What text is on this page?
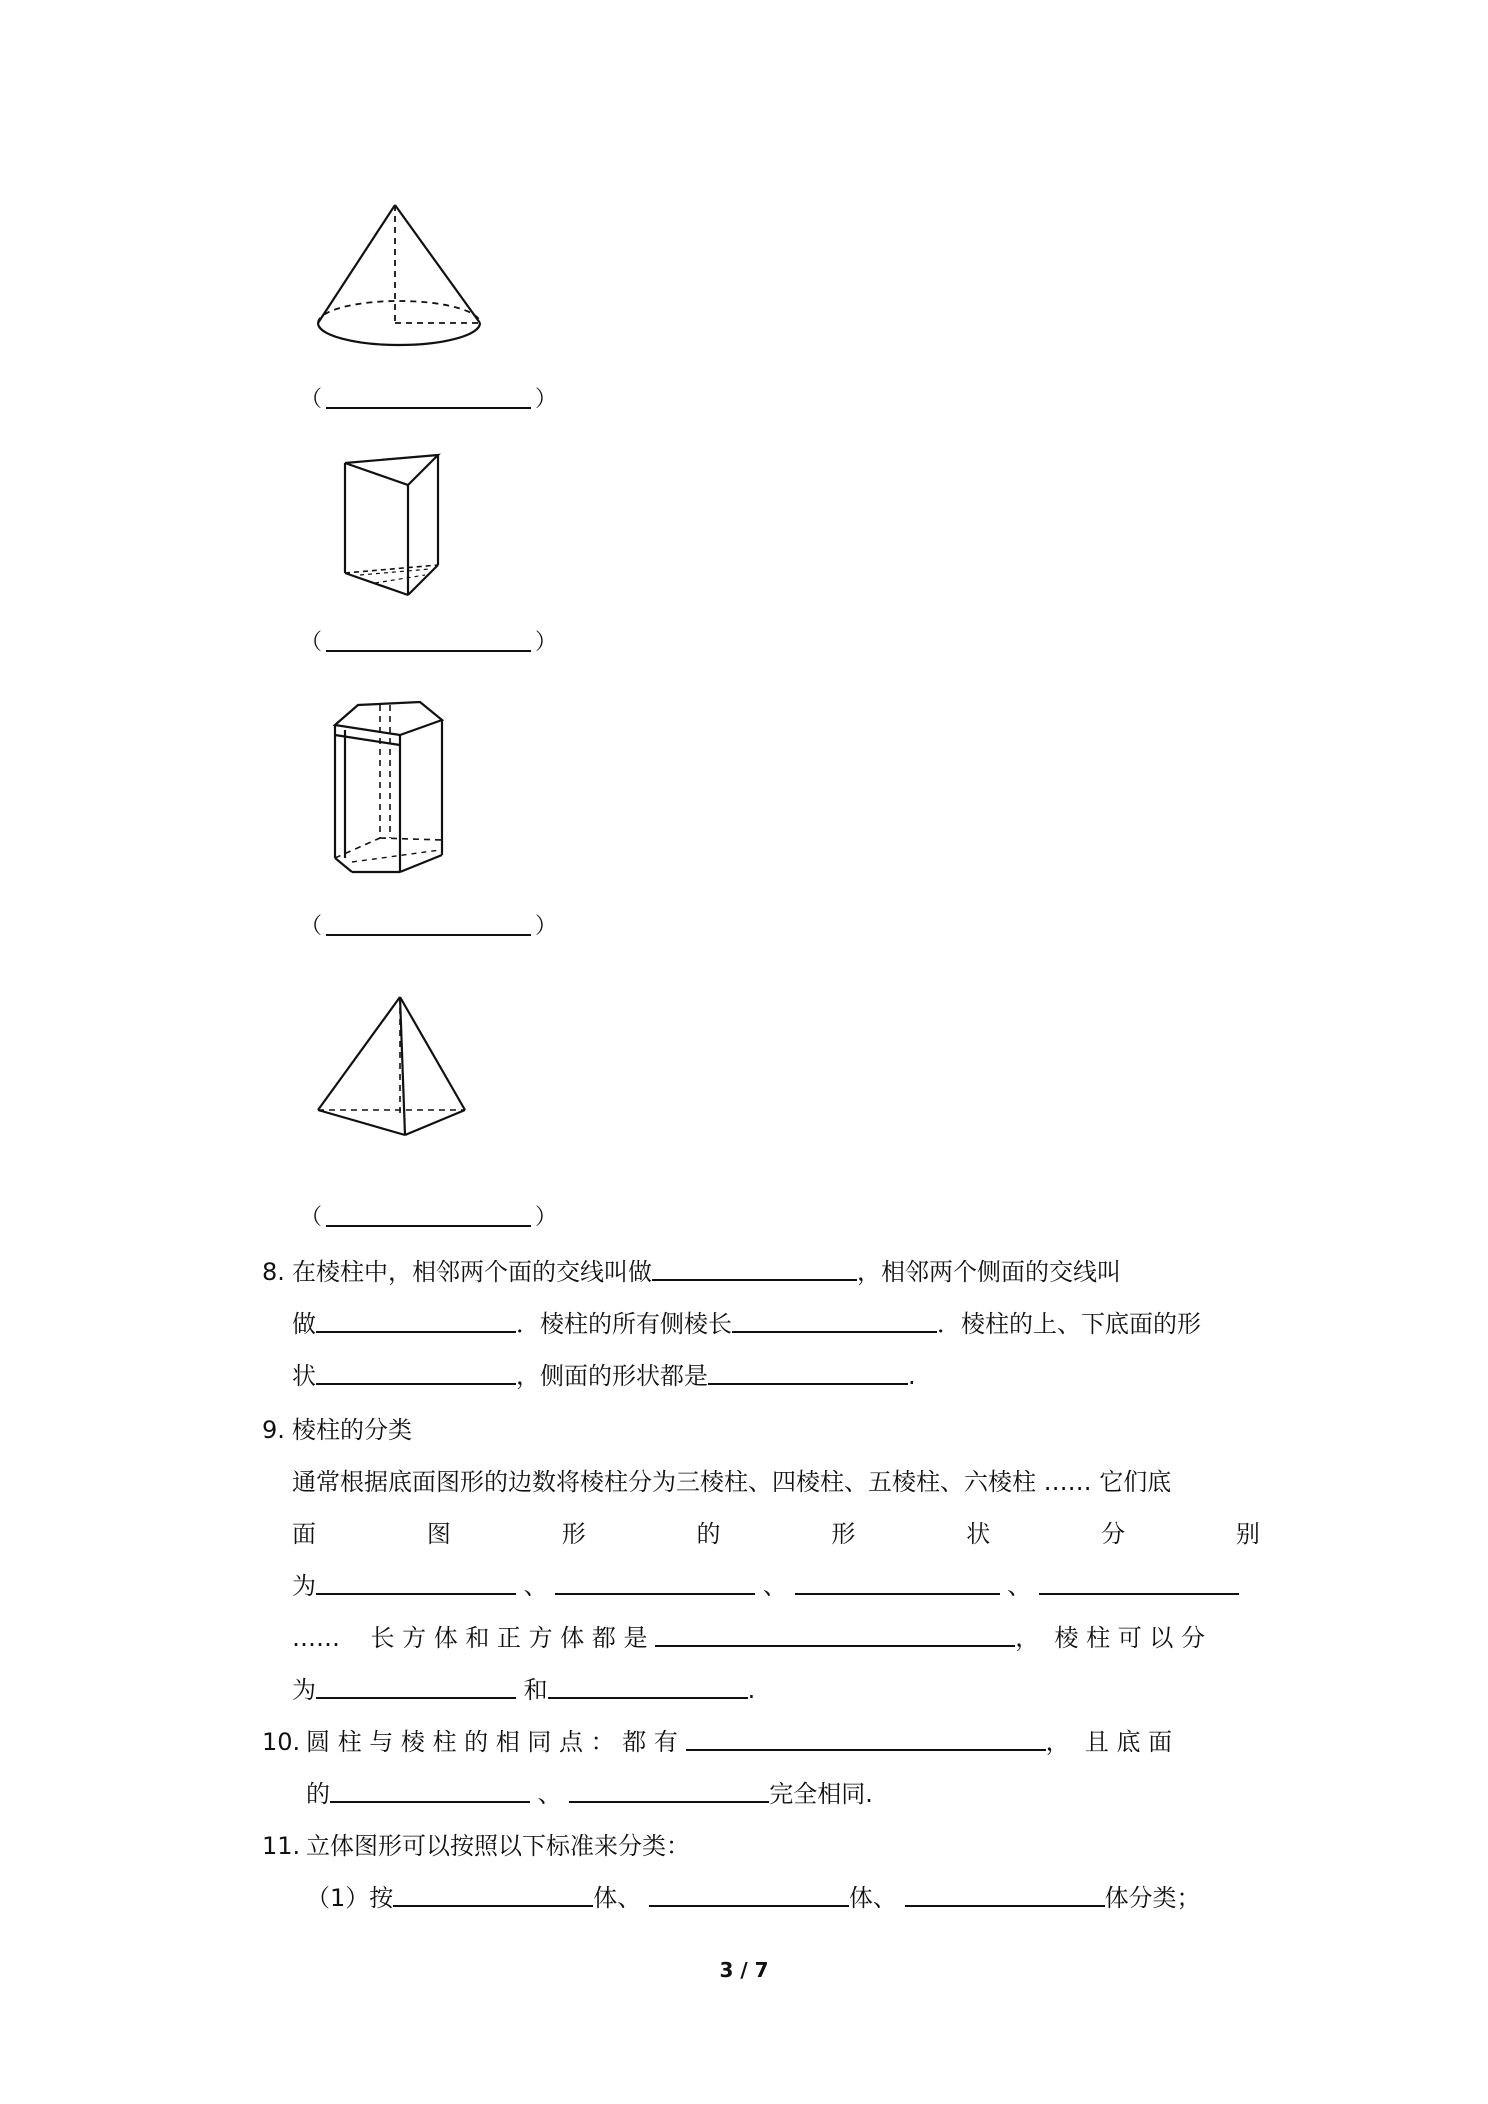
（	）
（	）
（	）
（	）
8. 在棱柱中，相邻两个面的交线叫做	，相邻两个侧面的交线叫
做	．棱柱的所有侧棱长	．棱柱的上、下底面的形
状	，侧面的形状都是	.
9. 棱柱的分类
通常根据底面图形的边数将棱柱分为三棱柱、四棱柱、五棱柱、六棱柱 …… 它们底
面	图	形	的	形	状	分	别
为	、	、	、
…… 长 方 体 和 正 方 体 都 是	， 棱 柱 可 以 分
为	和	.
10. 圆 柱 与 棱 柱 的 相 同 点 ： 都 有	， 且 底 面
的	、	完全相同.
11. 立体图形可以按照以下标准来分类：
（1）按	体、	体、	体分类；
3 / 7
